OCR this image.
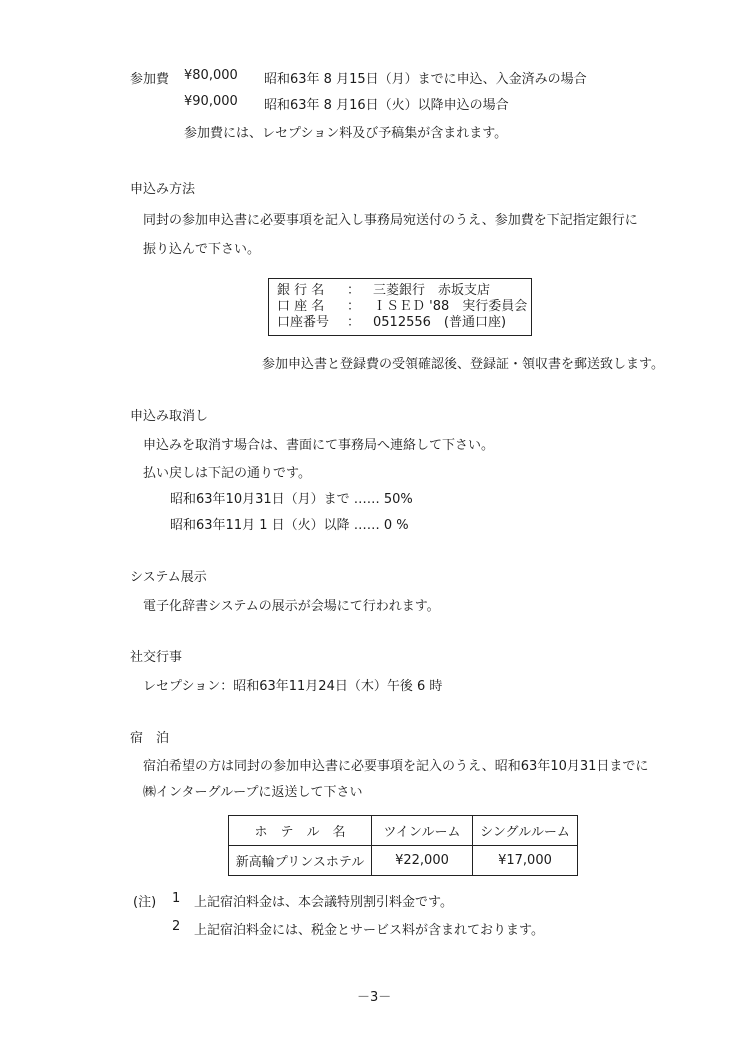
参加費 ¥80,000 昭和63年 8 月15日（月）までに申込、入金済みの場合
¥90,000 昭和63年 8 月16日（火）以降申込の場合
参加費には、レセプション料及び予稿集が含まれます。
申込み方法
同封の参加申込書に必要事項を記入し事務局宛送付のうえ、参加費を下記指定銀行に
振り込んで下さい。
銀 行 名 ： 三菱銀行　赤坂支店
口 座 名 ： ＩＳＥＤ '88　実行委員会
口座番号 ： 0512556　(普通口座)
参加申込書と登録費の受領確認後、登録証・領収書を郵送致します。
申込み取消し
申込みを取消す場合は、書面にて事務局へ連絡して下さい。
払い戻しは下記の通りです。
昭和63年10月31日（月）まで …… 50%
昭和63年11月 1 日（火）以降 …… 0 %
システム展示
電子化辞書システムの展示が会場にて行われます。
社交行事
レセプション：昭和63年11月24日（木）午後 6 時
宿　泊
宿泊希望の方は同封の参加申込書に必要事項を記入のうえ、昭和63年10月31日までに
㈱インターグループに返送して下さい
ホ　テ　ル　名	ツインルーム	シングルルーム
新高輪プリンスホテル	¥22,000	¥17,000
(注) 1 上記宿泊料金は、本会議特別割引料金です。
2 上記宿泊料金には、税金とサービス料が含まれております。
－3－
